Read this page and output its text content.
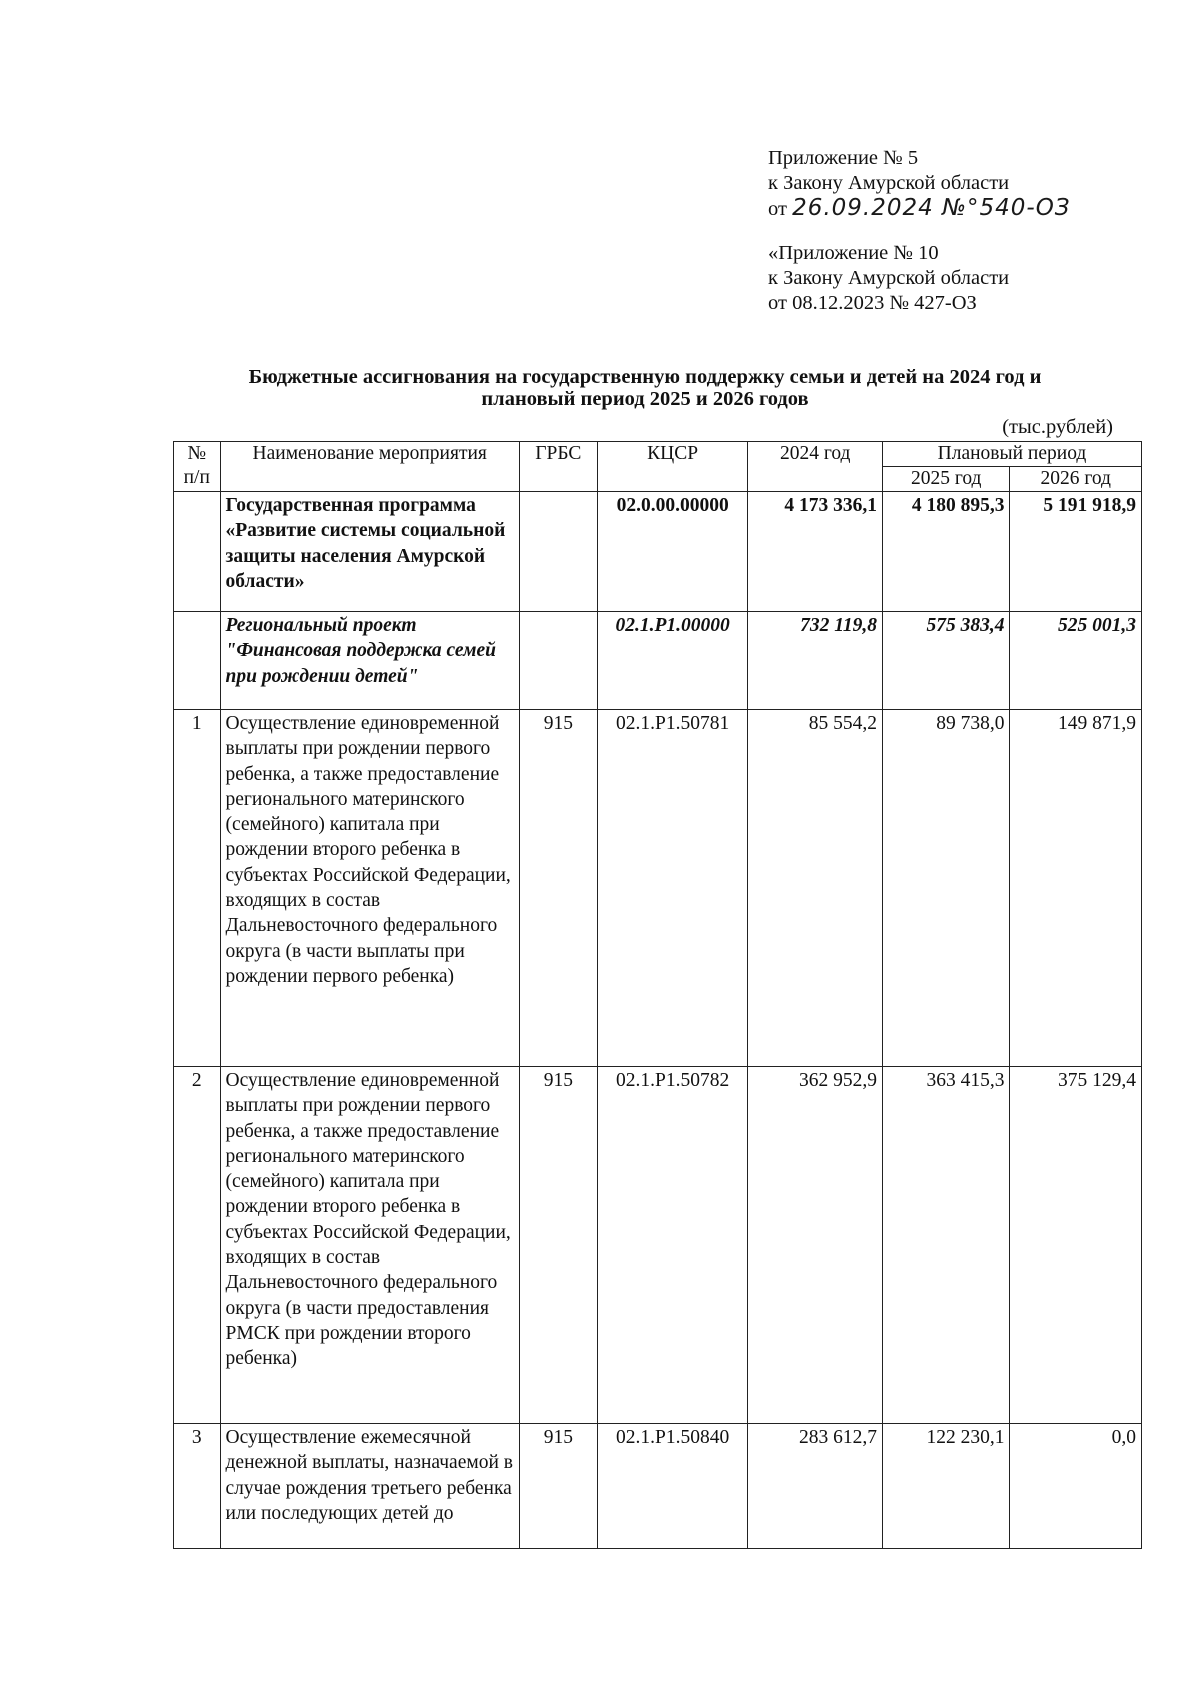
Приложение № 5
к Закону Амурской области
от 26.09.2024 №°540-ОЗ
«Приложение № 10
к Закону Амурской области
от 08.12.2023 № 427-ОЗ
Бюджетные ассигнования на государственную поддержку семьи и детей на 2024 год и
плановый период 2025 и 2026 годов
(тыс.рублей)
№
п/п	Наименование мероприятия	ГРБС	КЦСР	2024 год	Плановый период	
					2025 год	2026 год
	Государственная программа «Развитие системы социальной защиты населения Амурской области»		02.0.00.00000	4 173 336,1	4 180 895,3	5 191 918,9
	Региональный проект "Финансовая поддержка семей при рождении детей"		02.1.Р1.00000	732 119,8	575 383,4	525 001,3
1	Осуществление единовременной выплаты при рождении первого ребенка, а также предоставление регионального материнского (семейного) капитала при рождении второго ребенка в субъектах Российской Федерации, входящих в состав Дальневосточного федерального округа (в части выплаты при рождении первого ребенка)	915	02.1.Р1.50781	85 554,2	89 738,0	149 871,9
2	Осуществление единовременной выплаты при рождении первого ребенка, а также предоставление регионального материнского (семейного) капитала при рождении второго ребенка в субъектах Российской Федерации, входящих в состав Дальневосточного федерального округа (в части предоставления РМСК при рождении второго ребенка)	915	02.1.Р1.50782	362 952,9	363 415,3	375 129,4
3	Осуществление ежемесячной денежной выплаты, назначаемой в случае рождения третьего ребенка или последующих детей до	915	02.1.Р1.50840	283 612,7	122 230,1	0,0
